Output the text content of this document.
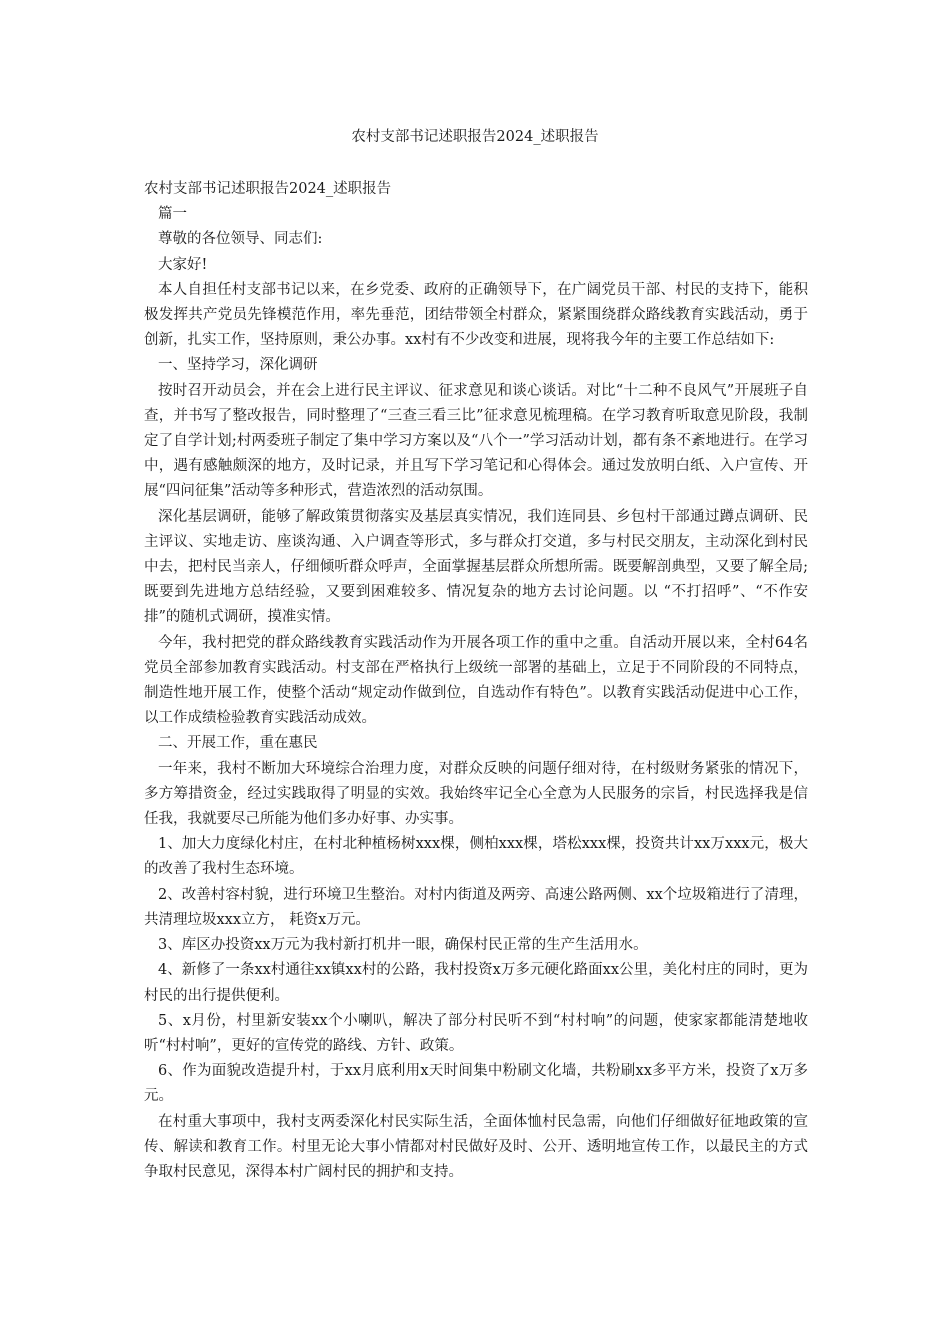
农村支部书记述职报告2024_述职报告

农村支部书记述职报告2024_述职报告

篇一

尊敬的各位领导、同志们:

大家好!

本人自担任村支部书记以来，在乡党委、政府的正确领导下，在广阔党员干部、村民的支持下，能积极发挥共产党员先锋模范作用，率先垂范，团结带领全村群众，紧紧围绕群众路线教育实践活动，勇于创新，扎实工作，坚持原则，秉公办事。xx村有不少改变和进展，现将我今年的主要工作总结如下:

一、坚持学习，深化调研

按时召开动员会，并在会上进行民主评议、征求意见和谈心谈话。对比“十二种不良风气”开展班子自查，并书写了整改报告，同时整理了“三查三看三比”征求意见梳理稿。在学习教育听取意见阶段，我制定了自学计划;村两委班子制定了集中学习方案以及“八个一”学习活动计划，都有条不紊地进行。在学习中，遇有感触颇深的地方，及时记录，并且写下学习笔记和心得体会。通过发放明白纸、入户宣传、开展“四问征集”活动等多种形式，营造浓烈的活动氛围。

深化基层调研，能够了解政策贯彻落实及基层真实情况，我们连同县、乡包村干部通过蹲点调研、民主评议、实地走访、座谈沟通、入户调查等形式，多与群众打交道，多与村民交朋友，主动深化到村民中去，把村民当亲人，仔细倾听群众呼声，全面掌握基层群众所想所需。既要解剖典型，又要了解全局;既要到先进地方总结经验，又要到困难较多、情况复杂的地方去讨论问题。以 “不打招呼”、“不作安排”的随机式调研，摸准实情。

今年，我村把党的群众路线教育实践活动作为开展各项工作的重中之重。自活动开展以来，全村64名党员全部参加教育实践活动。村支部在严格执行上级统一部署的基础上，立足于不同阶段的不同特点，制造性地开展工作，使整个活动“规定动作做到位，自选动作有特色”。以教育实践活动促进中心工作，以工作成绩检验教育实践活动成效。

二、开展工作，重在惠民

一年来，我村不断加大环境综合治理力度，对群众反映的问题仔细对待，在村级财务紧张的情况下，多方筹措资金，经过实践取得了明显的实效。我始终牢记全心全意为人民服务的宗旨，村民选择我是信任我，我就要尽己所能为他们多办好事、办实事。

1、加大力度绿化村庄，在村北种植杨树xxx棵，侧柏xxx棵，塔松xxx棵，投资共计xx万xxx元，极大的改善了我村生态环境。

2、改善村容村貌，进行环境卫生整治。对村内街道及两旁、高速公路两侧、xx个垃圾箱进行了清理，共清理垃圾xxx立方， 耗资x万元。

3、库区办投资xx万元为我村新打机井一眼，确保村民正常的生产生活用水。

4、新修了一条xx村通往xx镇xx村的公路，我村投资x万多元硬化路面xx公里，美化村庄的同时，更为村民的出行提供便利。

5、x月份，村里新安装xx个小喇叭，解决了部分村民听不到“村村响”的问题，使家家都能清楚地收听“村村响”，更好的宣传党的路线、方针、政策。

6、作为面貌改造提升村，于xx月底利用x天时间集中粉刷文化墙，共粉刷xx多平方米，投资了x万多元。

在村重大事项中，我村支两委深化村民实际生活，全面体恤村民急需，向他们仔细做好征地政策的宣传、解读和教育工作。村里无论大事小情都对村民做好及时、公开、透明地宣传工作，以最民主的方式争取村民意见，深得本村广阔村民的拥护和支持。
